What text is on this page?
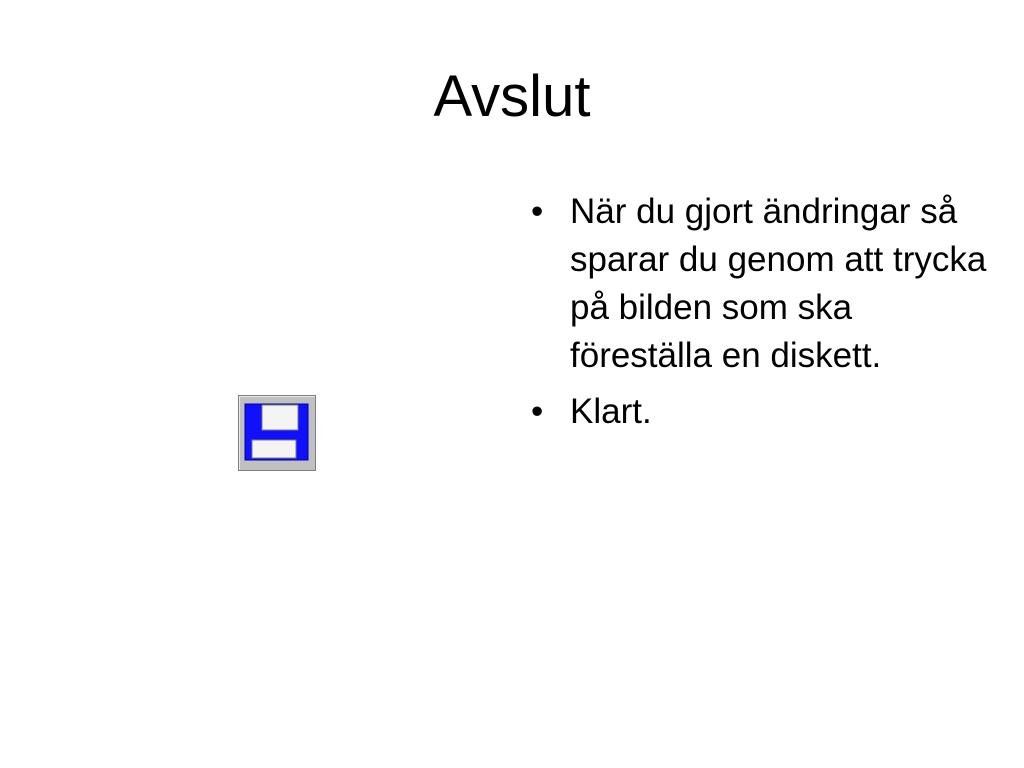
Avslut
• När du gjort ändringar så sparar du genom att trycka på bilden som ska föreställa en diskett.
• Klart.
